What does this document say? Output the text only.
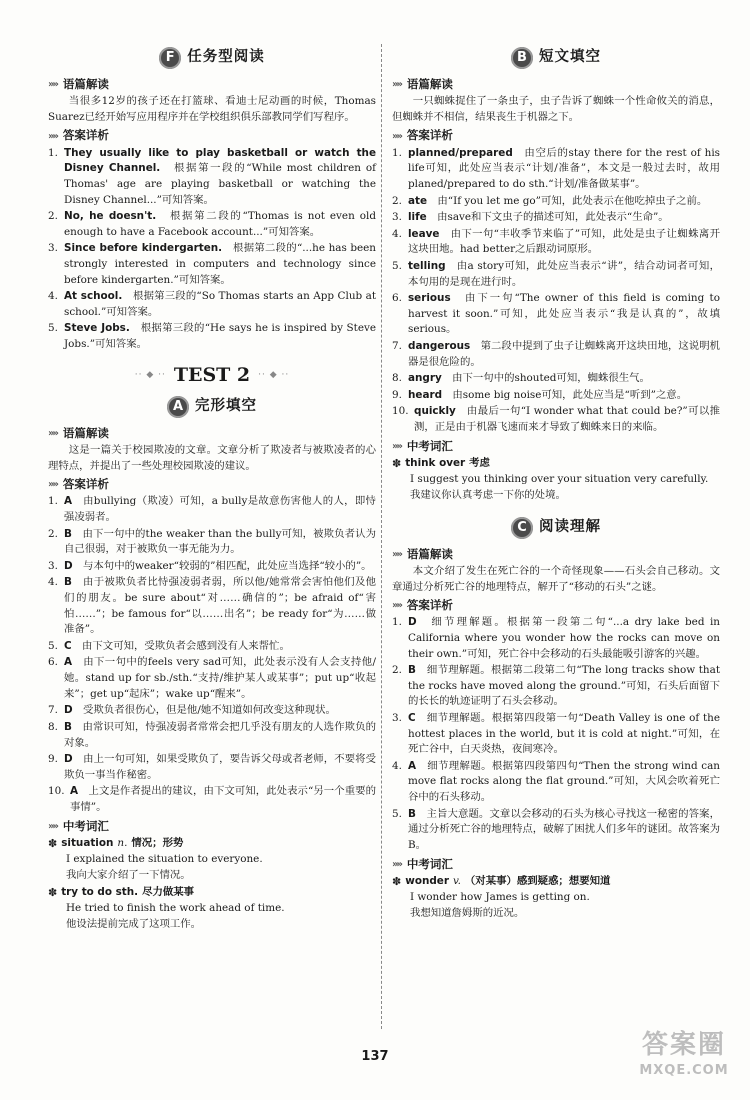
F 任务型阅读
»» 语篇解读

当很多12岁的孩子还在打篮球、看迪士尼动画的时候，Thomas Suarez已经开始写应用程序并在学校组织俱乐部教同学们写程序。

»» 答案详析
1. They usually like to play basketball or watch the Disney Channel.　根据第一段的“While most children of Thomas' age are playing basketball or watching the Disney Channel...”可知答案。
2. No, he doesn't.　根据第二段的“Thomas is not even old enough to have a Facebook account...”可知答案。
3. Since before kindergarten.　根据第二段的“...he has been strongly interested in computers and technology since before kindergarten.”可知答案。
4. At school.　根据第三段的“So Thomas starts an App Club at school.”可知答案。
5. Steve Jobs.　根据第三段的“He says he is inspired by Steve Jobs.”可知答案。
·· ◆ ·· TEST 2 ·· ◆ ··
A 完形填空
»» 语篇解读

这是一篇关于校园欺凌的文章。文章分析了欺凌者与被欺凌者的心理特点，并提出了一些处理校园欺凌的建议。

»» 答案详析
1. A　由bullying（欺凌）可知，a bully是故意伤害他人的人，即恃强凌弱者。
2. B　由下一句中的the weaker than the bully可知，被欺负者认为自己很弱，对于被欺负一事无能为力。
3. D　与本句中的weaker“较弱的”相匹配，此处应当选择“较小的”。
4. B　由于被欺负者比恃强凌弱者弱，所以他/她常常会害怕他们及他们的朋友。be sure about“对……确信的”；be afraid of“害怕……”；be famous for“以……出名”；be ready for“为……做准备”。
5. C　由下文可知，受欺负者会感到没有人来帮忙。
6. A　由下一句中的feels very sad可知，此处表示没有人会支持他/她。stand up for sb./sth.“支持/维护某人或某事”；put up“收起来”；get up“起床”；wake up“醒来”。
7. D　受欺负者很伤心，但是他/她不知道如何改变这种现状。
8. B　由常识可知，恃强凌弱者常常会把几乎没有朋友的人选作欺负的对象。
9. D　由上一句可知，如果受欺负了，要告诉父母或者老师，不要将受欺负一事当作秘密。
10. A　上文是作者提出的建议，由下文可知，此处表示“另一个重要的事情”。
»» 中考词汇
✽ situation n. 情况；形势
I explained the situation to everyone.
我向大家介绍了一下情况。
✽ try to do sth. 尽力做某事
He tried to finish the work ahead of time.
他设法提前完成了这项工作。
B 短文填空
»» 语篇解读

一只蜘蛛捉住了一条虫子，虫子告诉了蜘蛛一个性命攸关的消息，但蜘蛛并不相信，结果丧生于机器之下。

»» 答案详析
1. planned/prepared　由空后的stay there for the rest of his life可知，此处应当表示“计划/准备”，本文是一般过去时，故用planed/prepared to do sth.“计划/准备做某事”。
2. ate　由“If you let me go”可知，此处表示在他吃掉虫子之前。
3. life　由save和下文虫子的描述可知，此处表示“生命”。
4. leave　由下一句“丰收季节来临了”可知，此处是虫子让蜘蛛离开这块田地。had better之后跟动词原形。
5. telling　由a story可知，此处应当表示“讲”，结合动词者可知，本句用的是现在进行时。
6. serious　由下一句“The owner of this field is coming to harvest it soon.”可知，此处应当表示“我是认真的”，故填serious。
7. dangerous　第二段中提到了虫子让蜘蛛离开这块田地，这说明机器是很危险的。
8. angry　由下一句中的shouted可知，蜘蛛很生气。
9. heard　由some big noise可知，此处应当是“听到”之意。
10. quickly　由最后一句“I wonder what that could be?”可以推测，正是由于机器飞速而来才导致了蜘蛛来日的来临。
»» 中考词汇
✽ think over 考虑
I suggest you thinking over your situation very carefully.
我建议你认真考虑一下你的处境。
C 阅读理解
»» 语篇解读

本文介绍了发生在死亡谷的一个奇怪现象——石头会自己移动。文章通过分析死亡谷的地理特点，解开了“移动的石头”之谜。

»» 答案详析
1. D　细节理解题。根据第一段第二句“...a dry lake bed in California where you wonder how the rocks can move on their own.”可知，死亡谷中会移动的石头最能吸引游客的兴趣。
2. B　细节理解题。根据第二段第二句“The long tracks show that the rocks have moved along the ground.”可知，石头后面留下的长长的轨迹证明了石头会移动。
3. C　细节理解题。根据第四段第一句“Death Valley is one of the hottest places in the world, but it is cold at night.”可知，在死亡谷中，白天炎热，夜间寒冷。
4. A　细节理解题。根据第四段第四句“Then the strong wind can move flat rocks along the flat ground.”可知，大风会吹着死亡谷中的石头移动。
5. B　主旨大意题。文章以会移动的石头为核心寻找这一秘密的答案，通过分析死亡谷的地理特点，破解了困扰人们多年的谜团。故答案为B。
»» 中考词汇
✽ wonder v. （对某事）感到疑惑；想要知道
I wonder how James is getting on.
我想知道詹姆斯的近况。
137	答案圈
MXQE.COM
